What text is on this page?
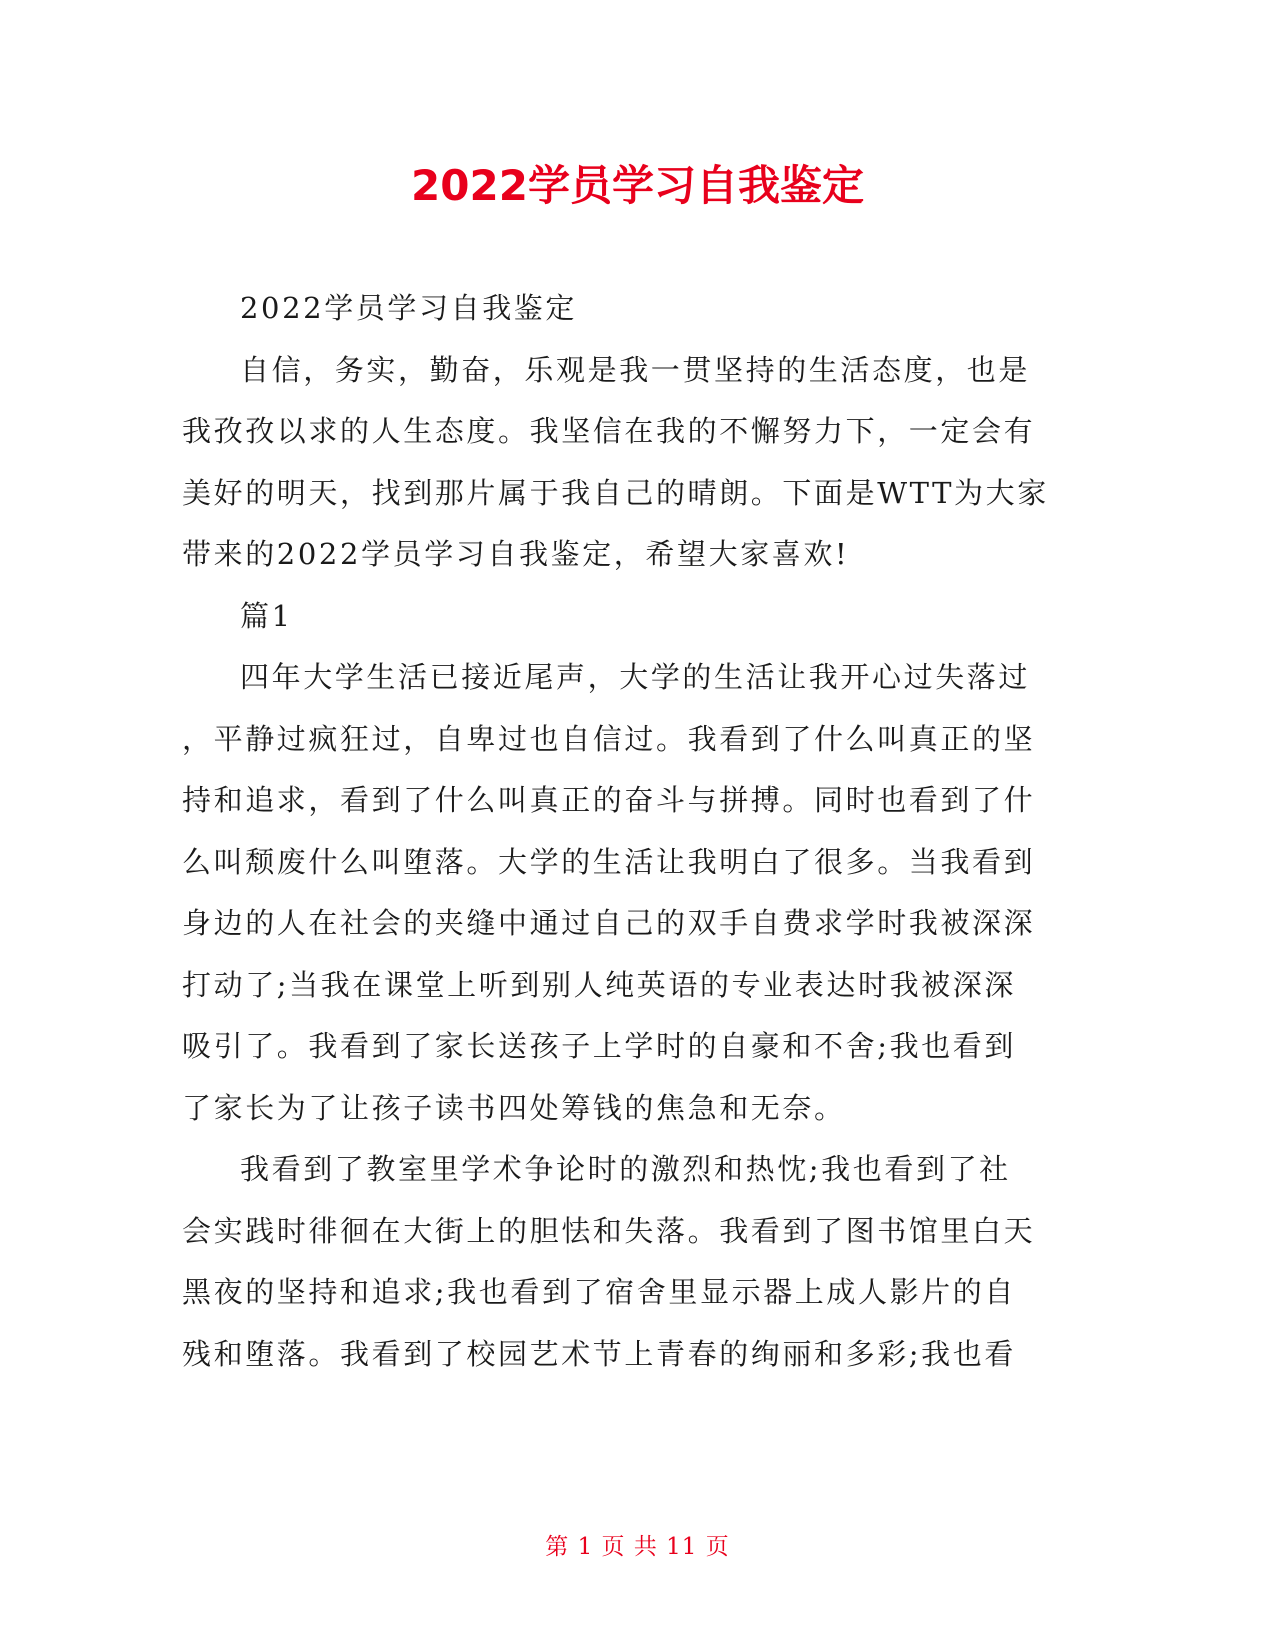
2022学员学习自我鉴定
2022学员学习自我鉴定
自信，务实，勤奋，乐观是我一贯坚持的生活态度，也是
我孜孜以求的人生态度。我坚信在我的不懈努力下，一定会有
美好的明天，找到那片属于我自己的晴朗。下面是WTT为大家
带来的2022学员学习自我鉴定，希望大家喜欢!
篇1
四年大学生活已接近尾声，大学的生活让我开心过失落过
，平静过疯狂过，自卑过也自信过。我看到了什么叫真正的坚
持和追求，看到了什么叫真正的奋斗与拼搏。同时也看到了什
么叫颓废什么叫堕落。大学的生活让我明白了很多。当我看到
身边的人在社会的夹缝中通过自己的双手自费求学时我被深深
打动了;当我在课堂上听到别人纯英语的专业表达时我被深深
吸引了。我看到了家长送孩子上学时的自豪和不舍;我也看到
了家长为了让孩子读书四处筹钱的焦急和无奈。
我看到了教室里学术争论时的激烈和热忱;我也看到了社
会实践时徘徊在大街上的胆怯和失落。我看到了图书馆里白天
黑夜的坚持和追求;我也看到了宿舍里显示器上成人影片的自
残和堕落。我看到了校园艺术节上青春的绚丽和多彩;我也看
第 1 页 共 11 页
